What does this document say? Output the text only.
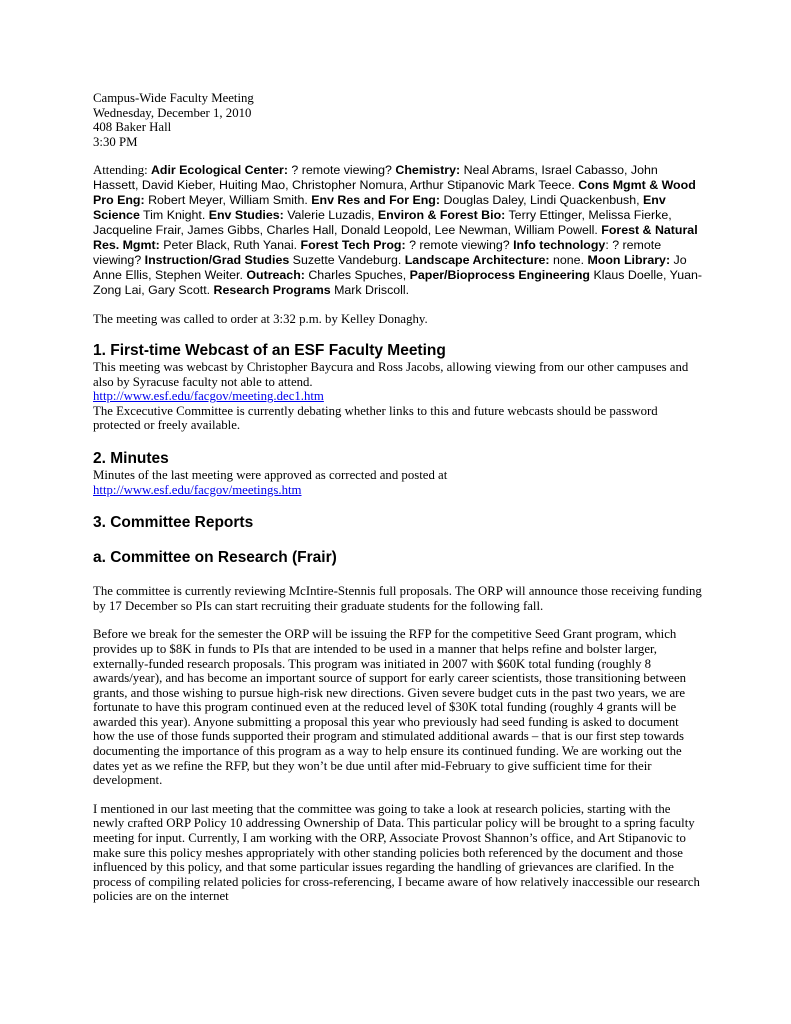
Campus-Wide Faculty Meeting
Wednesday, December 1, 2010
408 Baker Hall
3:30 PM

Attending: Adir Ecological Center: ? remote viewing? Chemistry: Neal Abrams, Israel Cabasso, John Hassett, David Kieber, Huiting Mao, Christopher Nomura, Arthur Stipanovic Mark Teece. Cons Mgmt & Wood Pro Eng: Robert Meyer, William Smith. Env Res and For Eng: Douglas Daley, Lindi Quackenbush, Env Science Tim Knight. Env Studies: Valerie Luzadis, Environ & Forest Bio: Terry Ettinger, Melissa Fierke, Jacqueline Frair, James Gibbs, Charles Hall, Donald Leopold, Lee Newman, William Powell. Forest & Natural Res. Mgmt: Peter Black, Ruth Yanai. Forest Tech Prog: ? remote viewing? Info technology: ? remote viewing? Instruction/Grad Studies Suzette Vandeburg. Landscape Architecture: none. Moon Library: Jo Anne Ellis, Stephen Weiter. Outreach: Charles Spuches, Paper/Bioprocess Engineering Klaus Doelle, Yuan-Zong Lai, Gary Scott. Research Programs Mark Driscoll.

The meeting was called to order at 3:32 p.m. by Kelley Donaghy.

1. First-time Webcast of an ESF Faculty Meeting

This meeting was webcast by Christopher Baycura and Ross Jacobs, allowing viewing from our other campuses and also by Syracuse faculty not able to attend.

http://www.esf.edu/facgov/meeting.dec1.htm

The Excecutive Committee is currently debating whether links to this and future webcasts should be password protected or freely available.

2. Minutes

Minutes of the last meeting were approved as corrected and posted at

http://www.esf.edu/facgov/meetings.htm

3. Committee Reports
a. Committee on Research (Frair)

The committee is currently reviewing McIntire-Stennis full proposals. The ORP will announce those receiving funding by 17 December so PIs can start recruiting their graduate students for the following fall.

Before we break for the semester the ORP will be issuing the RFP for the competitive Seed Grant program, which provides up to $8K in funds to PIs that are intended to be used in a manner that helps refine and bolster larger, externally-funded research proposals. This program was initiated in 2007 with $60K total funding (roughly 8 awards/year), and has become an important source of support for early career scientists, those transitioning between grants, and those wishing to pursue high-risk new directions. Given severe budget cuts in the past two years, we are fortunate to have this program continued even at the reduced level of $30K total funding (roughly 4 grants will be awarded this year). Anyone submitting a proposal this year who previously had seed funding is asked to document how the use of those funds supported their program and stimulated additional awards – that is our first step towards documenting the importance of this program as a way to help ensure its continued funding. We are working out the dates yet as we refine the RFP, but they won’t be due until after mid-February to give sufficient time for their development.

I mentioned in our last meeting that the committee was going to take a look at research policies, starting with the newly crafted ORP Policy 10 addressing Ownership of Data. This particular policy will be brought to a spring faculty meeting for input. Currently, I am working with the ORP, Associate Provost Shannon’s office, and Art Stipanovic to make sure this policy meshes appropriately with other standing policies both referenced by the document and those influenced by this policy, and that some particular issues regarding the handling of grievances are clarified. In the process of compiling related policies for cross-referencing, I became aware of how relatively inaccessible our research policies are on the internet
